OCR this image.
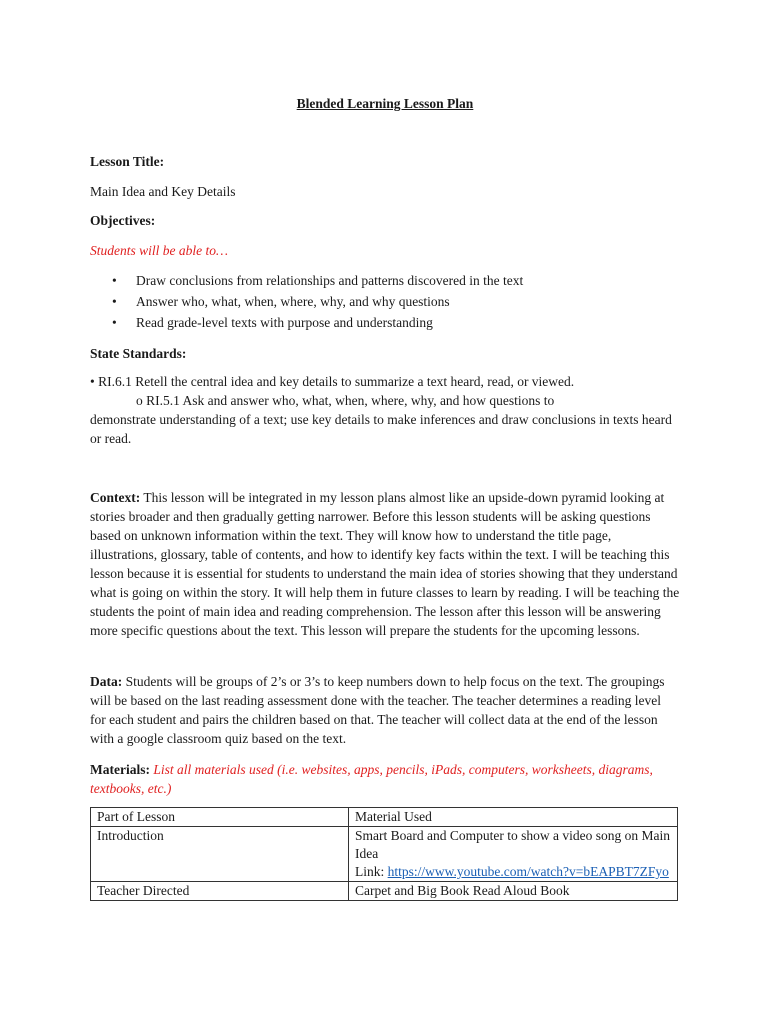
Blended Learning Lesson Plan
Lesson Title:
Main Idea and Key Details
Objectives:
Students will be able to…
• Draw conclusions from relationships and patterns discovered in the text
• Answer who, what, when, where, why, and why questions
• Read grade-level texts with purpose and understanding
State Standards:
• RI.6.1 Retell the central idea and key details to summarize a text heard, read, or viewed.
o RI.5.1 Ask and answer who, what, when, where, why, and how questions to
demonstrate understanding of a text; use key details to make inferences and draw conclusions in texts heard or read.

Context: This lesson will be integrated in my lesson plans almost like an upside-down pyramid looking at stories broader and then gradually getting narrower. Before this lesson students will be asking questions based on unknown information within the text. They will know how to understand the title page, illustrations, glossary, table of contents, and how to identify key facts within the text. I will be teaching this lesson because it is essential for students to understand the main idea of stories showing that they understand what is going on within the story. It will help them in future classes to learn by reading. I will be teaching the students the point of main idea and reading comprehension. The lesson after this lesson will be answering more specific questions about the text. This lesson will prepare the students for the upcoming lessons.

Data: Students will be groups of 2’s or 3’s to keep numbers down to help focus on the text. The groupings will be based on the last reading assessment done with the teacher. The teacher determines a reading level for each student and pairs the children based on that. The teacher will collect data at the end of the lesson with a google classroom quiz based on the text.

Materials: List all materials used (i.e. websites, apps, pencils, iPads, computers, worksheets, diagrams, textbooks, etc.)

Part of Lesson	Material Used
Introduction	Smart Board and Computer to show a video song on Main Idea
Link: https://www.youtube.com/watch?v=bEAPBT7ZFyo

Teacher Directed	Carpet and Big Book Read Aloud Book
